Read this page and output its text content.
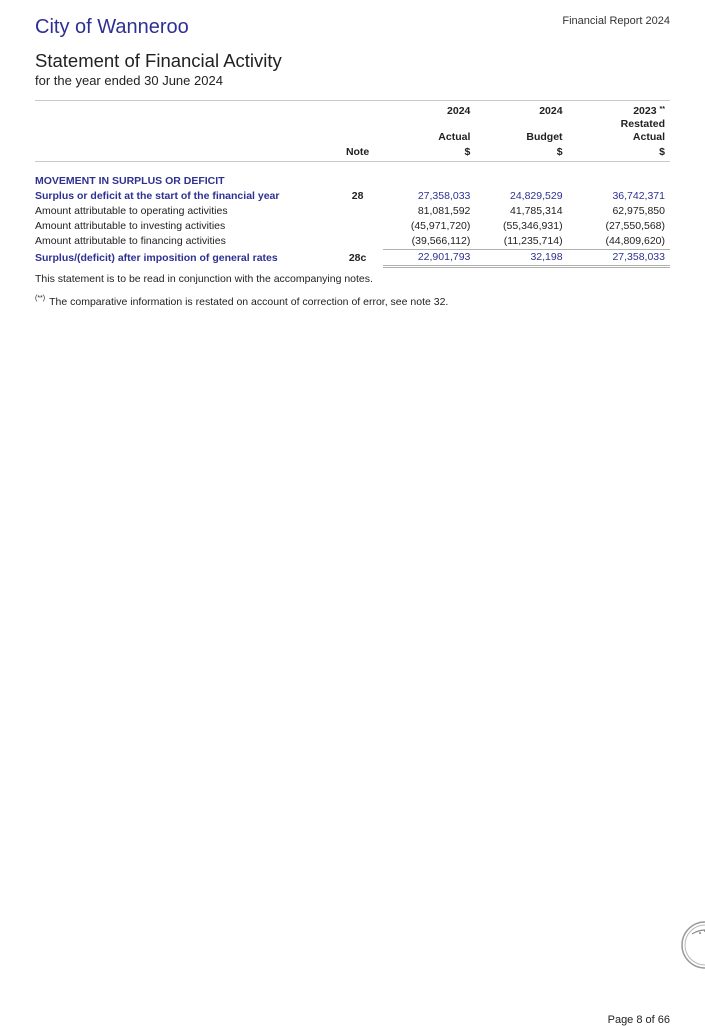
City of Wanneroo	Financial Report 2024
Statement of Financial Activity
for the year ended 30 June 2024
		2024	2024	2023 **
		Actual	Budget	Restated
Actual
	Note	$	$	$

MOVEMENT IN SURPLUS OR DEFICIT				
Surplus or deficit at the start of the financial year	28	27,358,033	24,829,529	36,742,371
Amount attributable to operating activities		81,081,592	41,785,314	62,975,850
Amount attributable to investing activities		(45,971,720)	(55,346,931)	(27,550,568)
Amount attributable to financing activities		(39,566,112)	(11,235,714)	(44,809,620)
Surplus/(deficit) after imposition of general rates	28c	22,901,793	32,198	27,358,033
This statement is to be read in conjunction with the accompanying notes.
(**) The comparative information is restated on account of correction of error, see note 32.
Page 8 of 66
